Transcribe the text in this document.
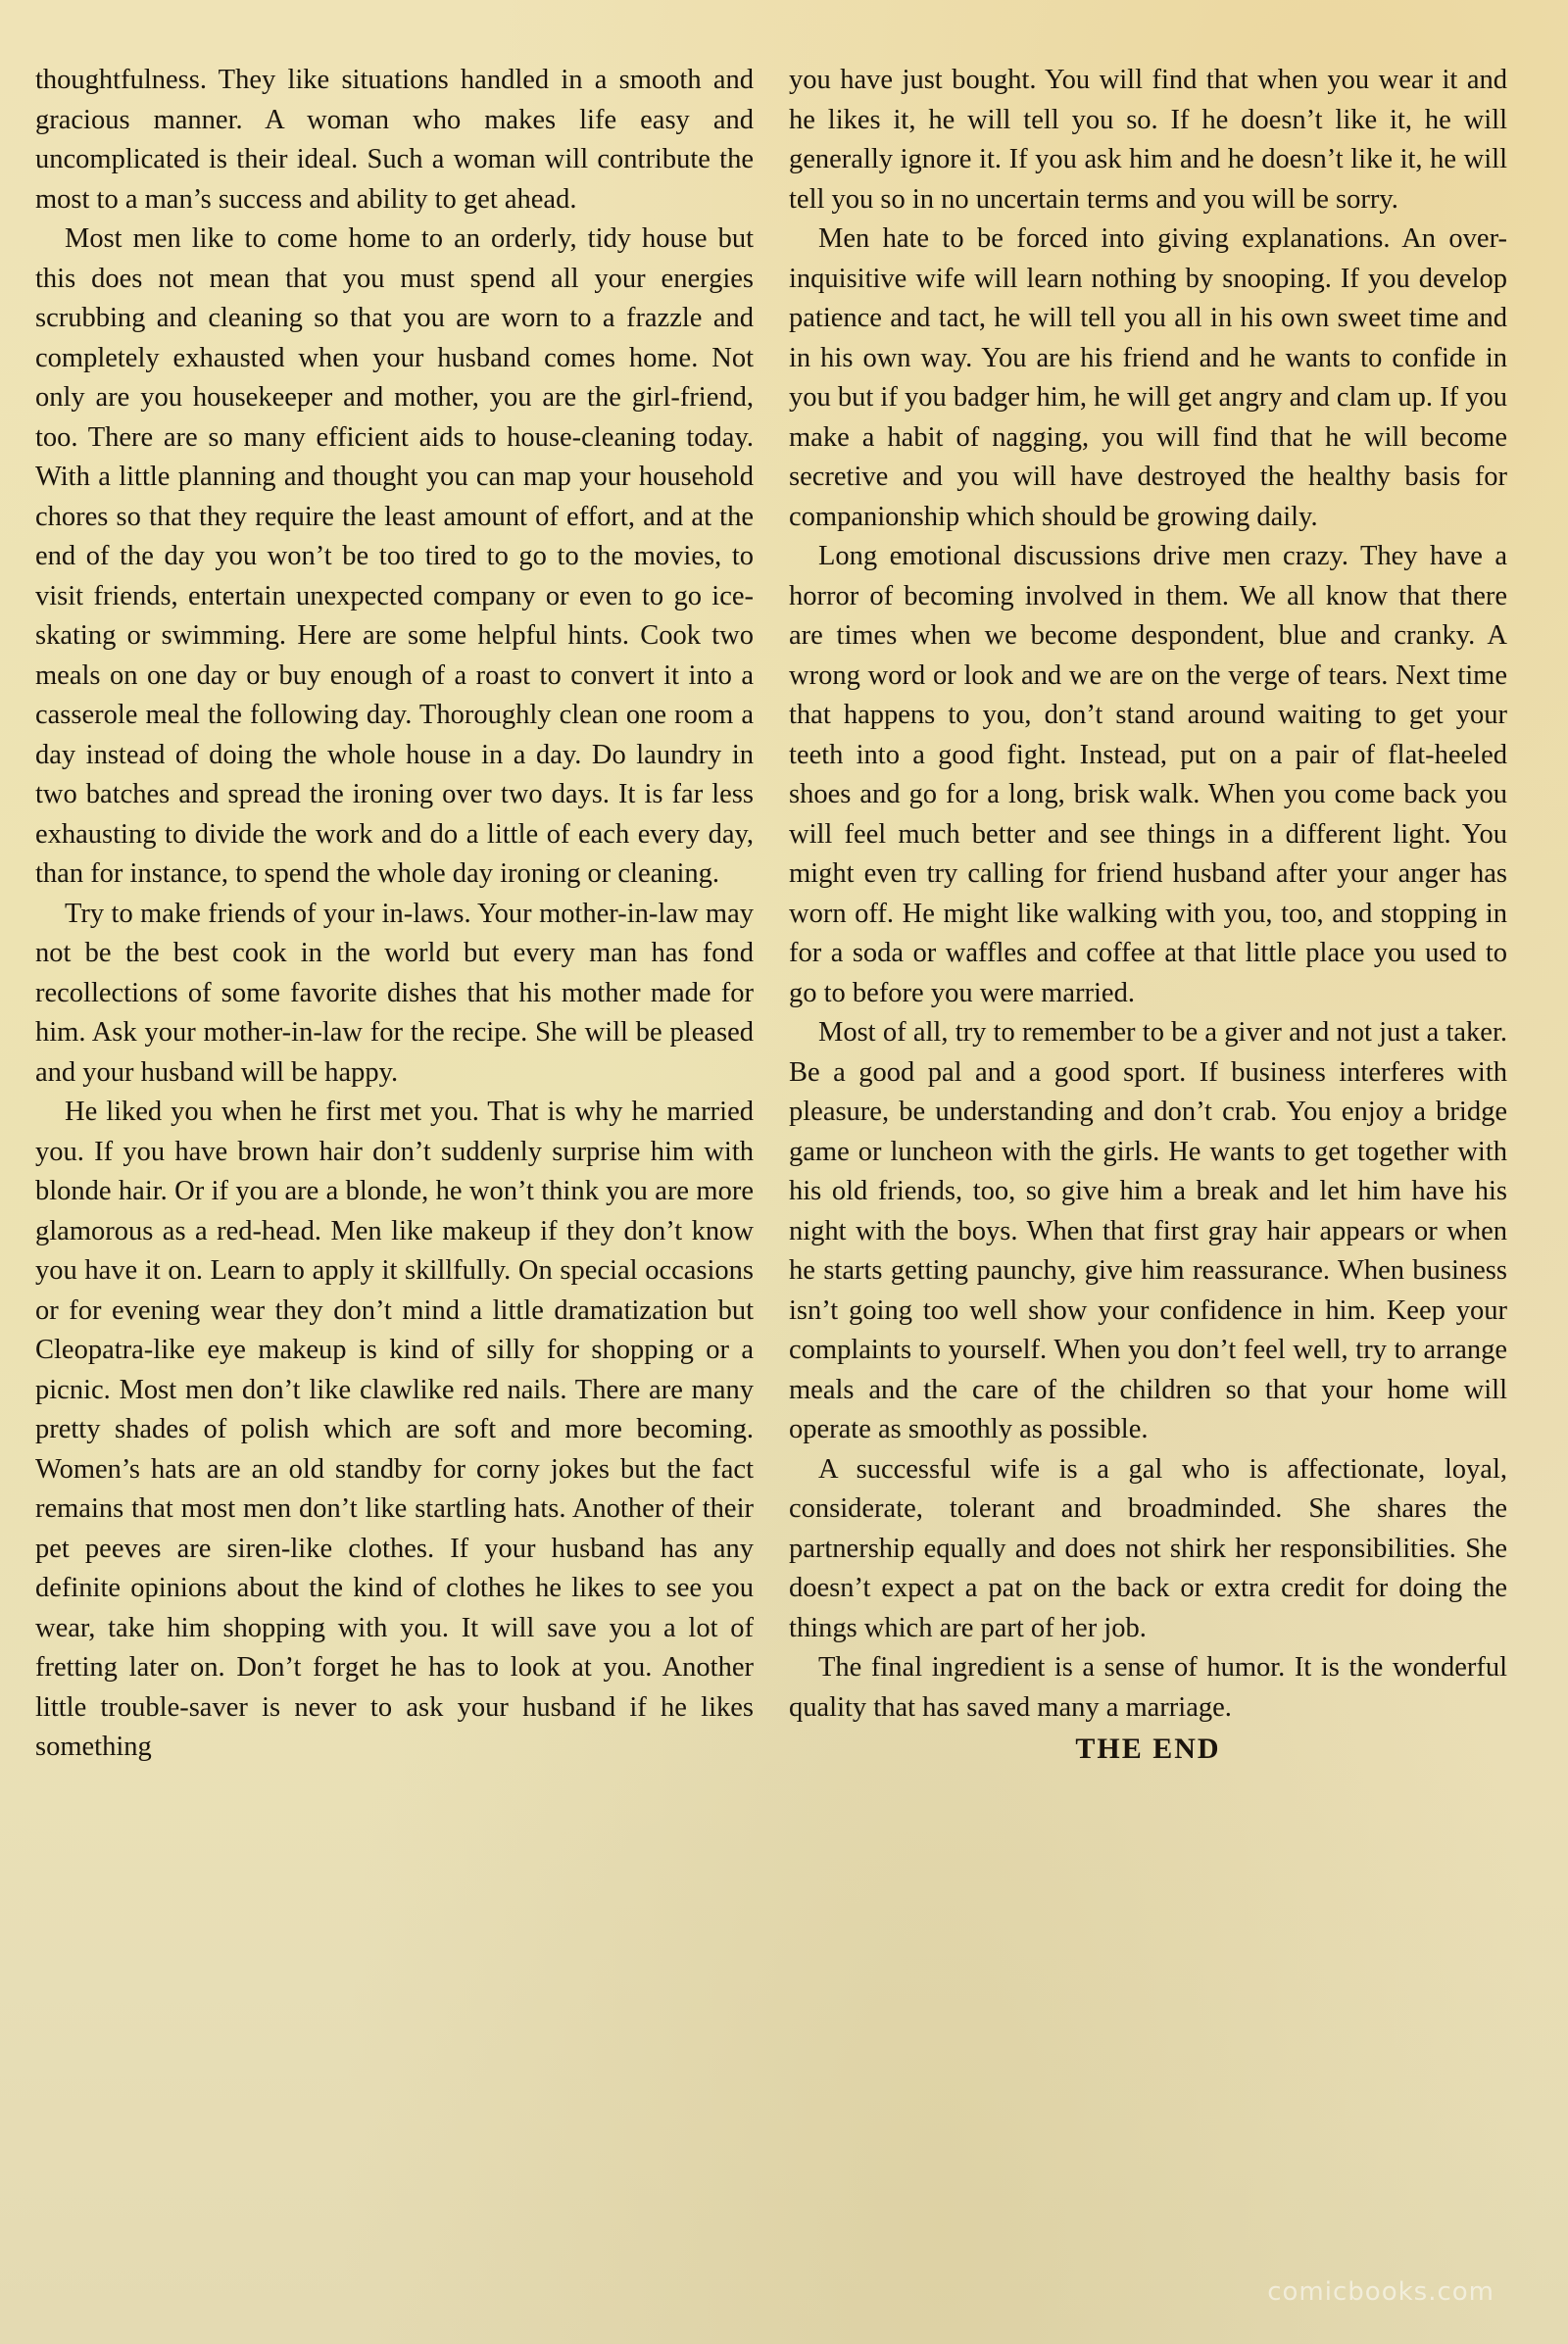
thoughtfulness. They like situations handled in a smooth and gracious manner. A woman who makes life easy and uncomplicated is their ideal. Such a woman will contribute the most to a man’s success and ability to get ahead.

Most men like to come home to an orderly, tidy house but this does not mean that you must spend all your energies scrubbing and cleaning so that you are worn to a frazzle and completely exhausted when your husband comes home. Not only are you housekeeper and mother, you are the girl-friend, too. There are so many efficient aids to house-cleaning today. With a little planning and thought you can map your household chores so that they require the least amount of effort, and at the end of the day you won’t be too tired to go to the movies, to visit friends, entertain unexpected company or even to go ice-skating or swimming. Here are some helpful hints. Cook two meals on one day or buy enough of a roast to convert it into a casserole meal the following day. Thoroughly clean one room a day instead of doing the whole house in a day. Do laundry in two batches and spread the ironing over two days. It is far less exhausting to divide the work and do a little of each every day, than for instance, to spend the whole day ironing or cleaning.

Try to make friends of your in-laws. Your mother-in-law may not be the best cook in the world but every man has fond recollections of some favorite dishes that his mother made for him. Ask your mother-in-law for the recipe. She will be pleased and your husband will be happy.

He liked you when he first met you. That is why he married you. If you have brown hair don’t suddenly surprise him with blonde hair. Or if you are a blonde, he won’t think you are more glamorous as a red-head. Men like makeup if they don’t know you have it on. Learn to apply it skillfully. On special occasions or for evening wear they don’t mind a little dramatization but Cleopatra-like eye makeup is kind of silly for shopping or a picnic. Most men don’t like clawlike red nails. There are many pretty shades of polish which are soft and more becoming. Women’s hats are an old standby for corny jokes but the fact remains that most men don’t like startling hats. Another of their pet peeves are siren-like clothes. If your husband has any definite opinions about the kind of clothes he likes to see you wear, take him shopping with you. It will save you a lot of fretting later on. Don’t forget he has to look at you. Another little trouble-saver is never to ask your husband if he likes something

you have just bought. You will find that when you wear it and he likes it, he will tell you so. If he doesn’t like it, he will generally ignore it. If you ask him and he doesn’t like it, he will tell you so in no uncertain terms and you will be sorry.

Men hate to be forced into giving explanations. An over-inquisitive wife will learn nothing by snooping. If you develop patience and tact, he will tell you all in his own sweet time and in his own way. You are his friend and he wants to confide in you but if you badger him, he will get angry and clam up. If you make a habit of nagging, you will find that he will become secretive and you will have destroyed the healthy basis for companionship which should be growing daily.

Long emotional discussions drive men crazy. They have a horror of becoming involved in them. We all know that there are times when we become despondent, blue and cranky. A wrong word or look and we are on the verge of tears. Next time that happens to you, don’t stand around waiting to get your teeth into a good fight. Instead, put on a pair of flat-heeled shoes and go for a long, brisk walk. When you come back you will feel much better and see things in a different light. You might even try calling for friend husband after your anger has worn off. He might like walking with you, too, and stopping in for a soda or waffles and coffee at that little place you used to go to before you were married.

Most of all, try to remember to be a giver and not just a taker. Be a good pal and a good sport. If business interferes with pleasure, be understanding and don’t crab. You enjoy a bridge game or luncheon with the girls. He wants to get together with his old friends, too, so give him a break and let him have his night with the boys. When that first gray hair appears or when he starts getting paunchy, give him reassurance. When business isn’t going too well show your confidence in him. Keep your complaints to yourself. When you don’t feel well, try to arrange meals and the care of the children so that your home will operate as smoothly as possible.

A successful wife is a gal who is affectionate, loyal, considerate, tolerant and broadminded. She shares the partnership equally and does not shirk her responsibilities. She doesn’t expect a pat on the back or extra credit for doing the things which are part of her job.

The final ingredient is a sense of humor. It is the wonderful quality that has saved many a marriage.

THE END

comicbooks.com
